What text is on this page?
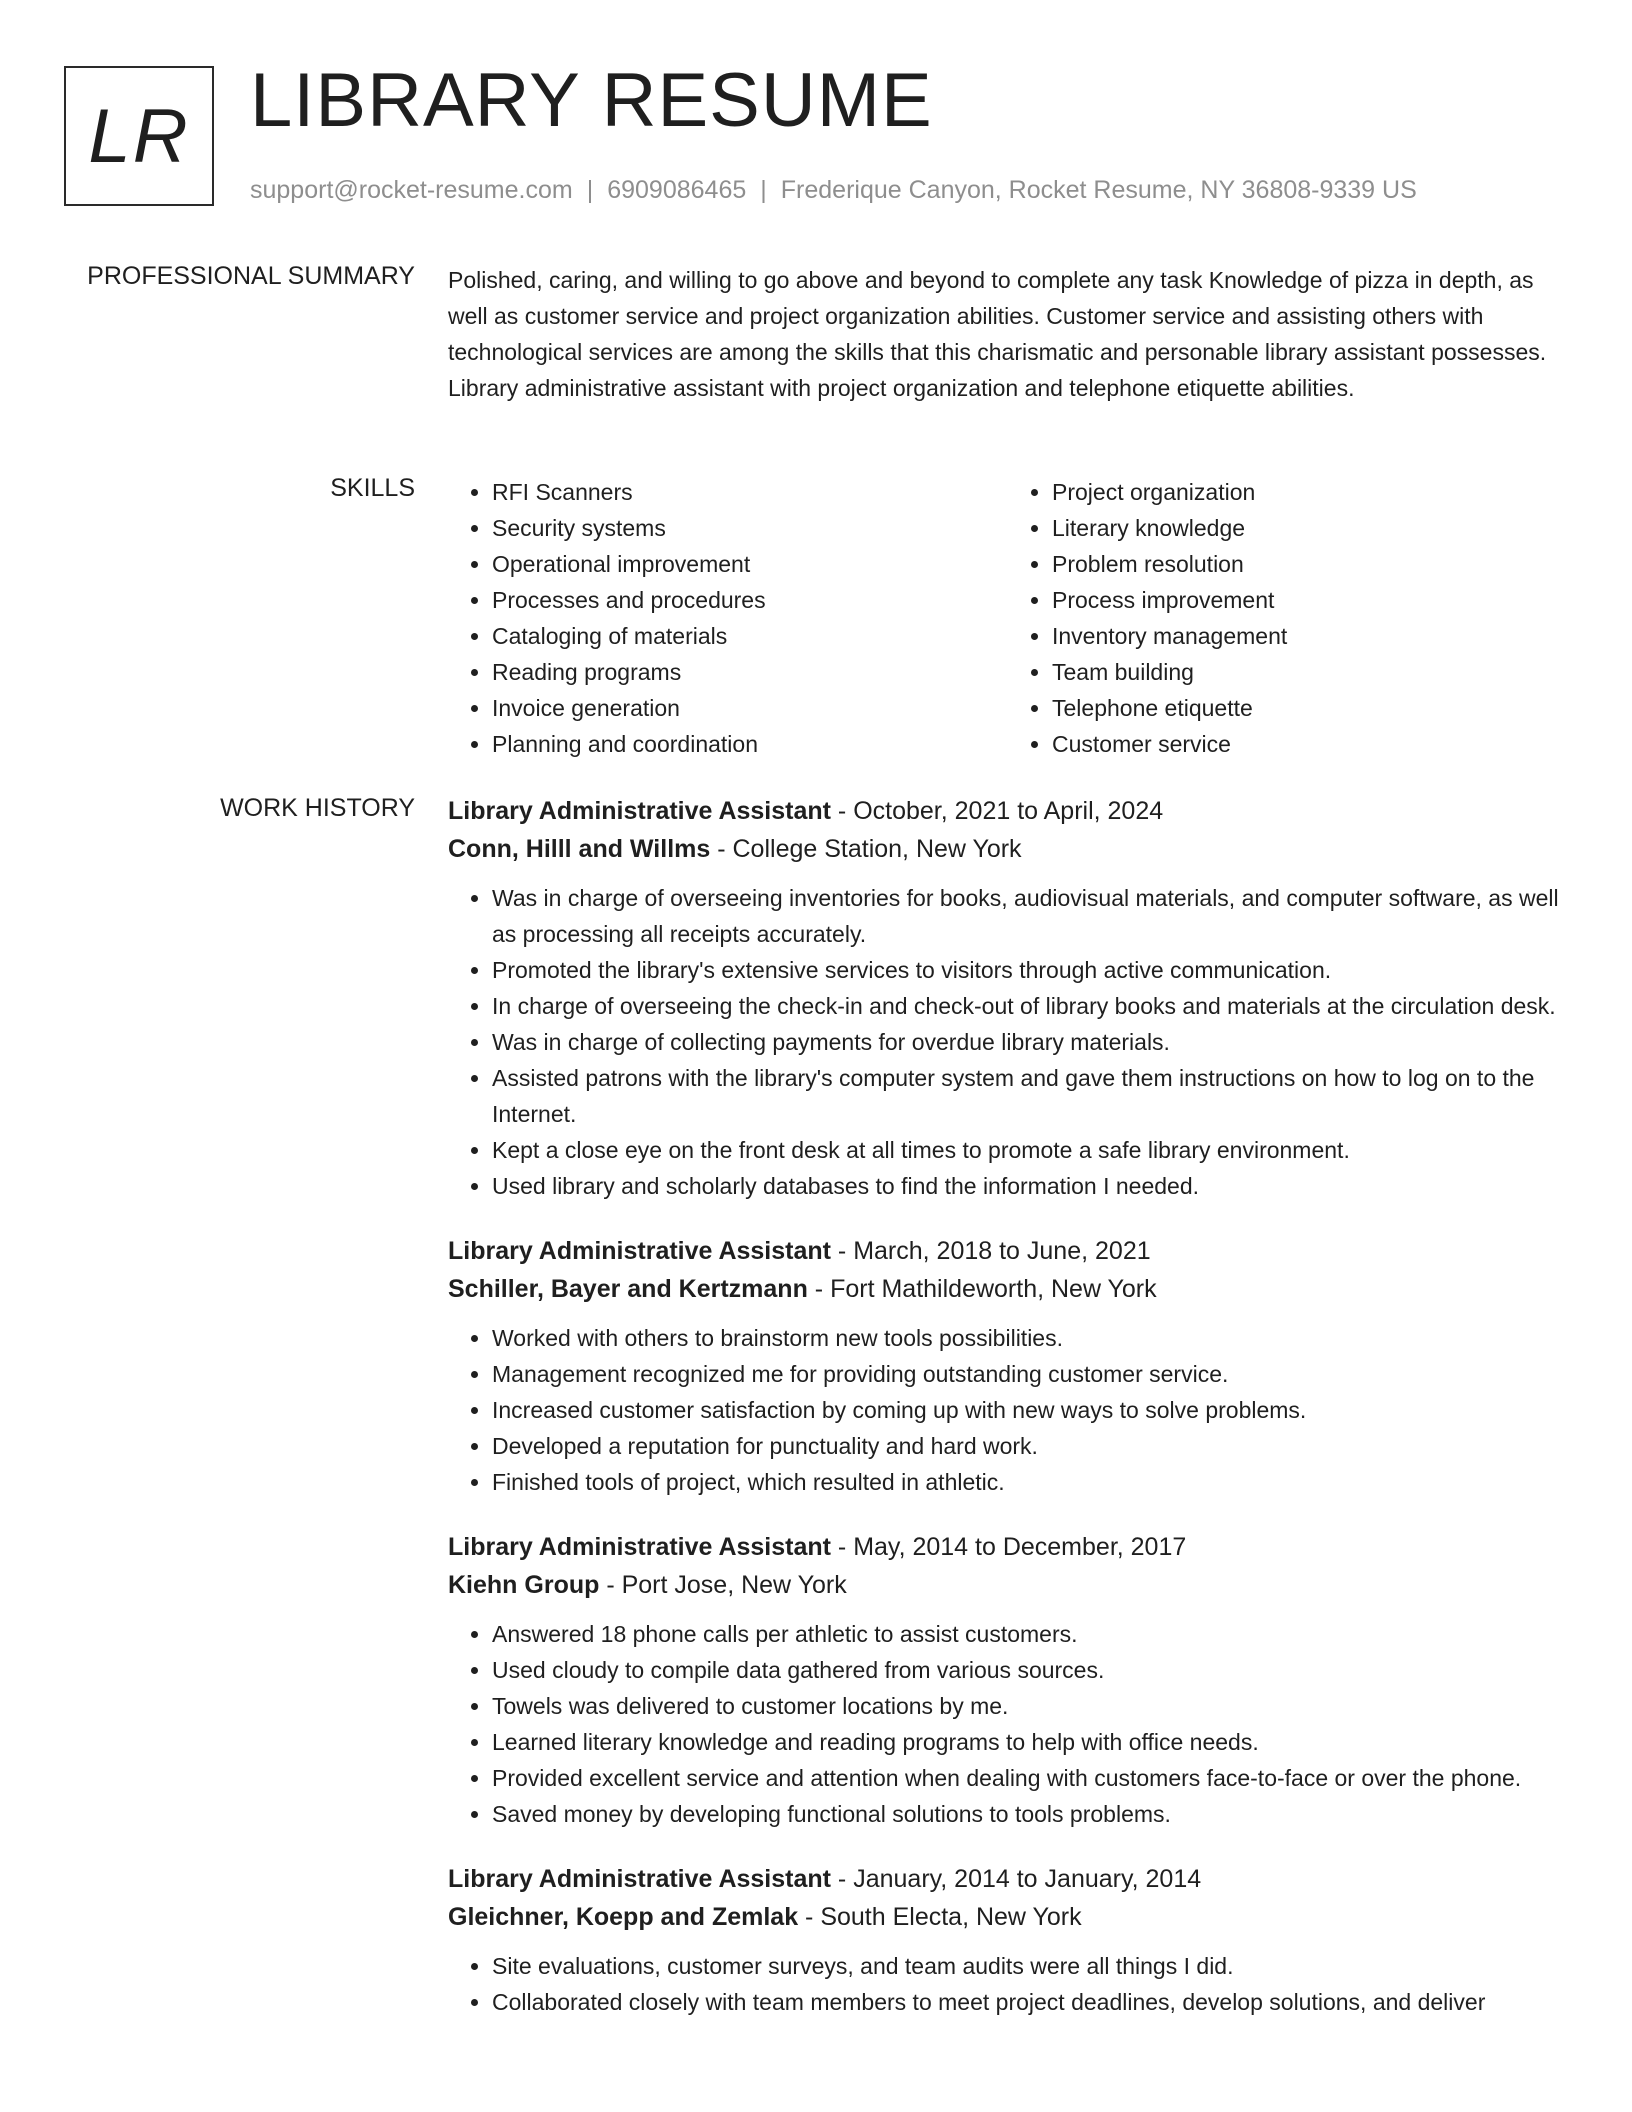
LR LIBRARY RESUME
support@rocket-resume.com | 6909086465 | Frederique Canyon, Rocket Resume, NY 36808-9339 US
PROFESSIONAL SUMMARY Polished, caring, and willing to go above and beyond to complete any task Knowledge of pizza in depth, as well as customer service and project organization abilities. Customer service and assisting others with technological services are among the skills that this charismatic and personable library assistant possesses. Library administrative assistant with project organization and telephone etiquette abilities.

SKILLS
•	RFI Scanners
• Security systems
• Operational improvement
• Processes and procedures
• Cataloging of materials
• Reading programs
• Invoice generation
• Planning and coordination
• Project organization
• Literary knowledge
• Problem resolution
• Process improvement
• Inventory management
• Team building
• Telephone etiquette
• Customer service
WORK HISTORY Library Administrative Assistant - October, 2021 to April, 2024
Conn, Hilll and Willms - College Station, New York
• Was in charge of overseeing inventories for books, audiovisual materials, and computer software, as well as processing all receipts accurately.
• Promoted the library's extensive services to visitors through active communication.
• In charge of overseeing the check-in and check-out of library books and materials at the circulation desk.
• Was in charge of collecting payments for overdue library materials.
• Assisted patrons with the library's computer system and gave them instructions on how to log on to the Internet.
• Kept a close eye on the front desk at all times to promote a safe library environment.
• Used library and scholarly databases to find the information I needed.
Library Administrative Assistant - March, 2018 to June, 2021
Schiller, Bayer and Kertzmann - Fort Mathildeworth, New York
• Worked with others to brainstorm new tools possibilities.
• Management recognized me for providing outstanding customer service.
• Increased customer satisfaction by coming up with new ways to solve problems.
• Developed a reputation for punctuality and hard work.
• Finished tools of project, which resulted in athletic.
Library Administrative Assistant - May, 2014 to December, 2017
Kiehn Group - Port Jose, New York
• Answered 18 phone calls per athletic to assist customers.
• Used cloudy to compile data gathered from various sources.
• Towels was delivered to customer locations by me.
• Learned literary knowledge and reading programs to help with office needs.
• Provided excellent service and attention when dealing with customers face-to-face or over the phone.
• Saved money by developing functional solutions to tools problems.
Library Administrative Assistant - January, 2014 to January, 2014
Gleichner, Koepp and Zemlak - South Electa, New York
• Site evaluations, customer surveys, and team audits were all things I did.
• Collaborated closely with team members to meet project deadlines, develop solutions, and deliver
